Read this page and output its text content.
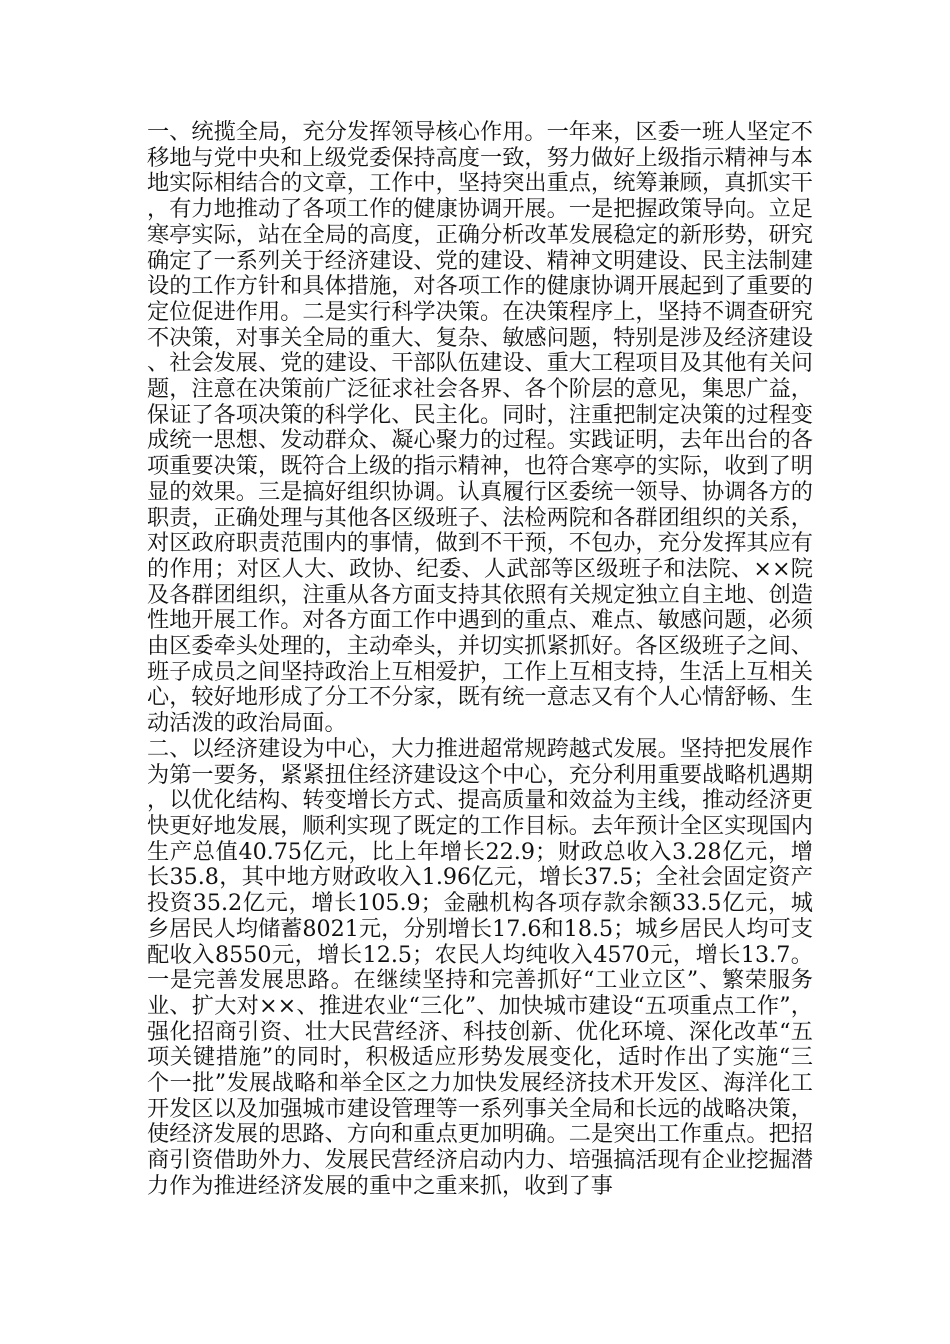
一、统揽全局，充分发挥领导核心作用。一年来，区委一班人坚定不移地与党中央和上级党委保持高度一致，努力做好上级指示精神与本地实际相结合的文章，工作中，坚持突出重点，统筹兼顾，真抓实干，有力地推动了各项工作的健康协调开展。一是把握政策导向。立足寒亭实际，站在全局的高度，正确分析改革发展稳定的新形势，研究确定了一系列关于经济建设、党的建设、精神文明建设、民主法制建设的工作方针和具体措施，对各项工作的健康协调开展起到了重要的定位促进作用。二是实行科学决策。在决策程序上，坚持不调查研究不决策，对事关全局的重大、复杂、敏感问题，特别是涉及经济建设、社会发展、党的建设、干部队伍建设、重大工程项目及其他有关问题，注意在决策前广泛征求社会各界、各个阶层的意见，集思广益，保证了各项决策的科学化、民主化。同时，注重把制定决策的过程变成统一思想、发动群众、凝心聚力的过程。实践证明，去年出台的各项重要决策，既符合上级的指示精神，也符合寒亭的实际，收到了明显的效果。三是搞好组织协调。认真履行区委统一领导、协调各方的职责，正确处理与其他各区级班子、法检两院和各群团组织的关系，对区政府职责范围内的事情，做到不干预，不包办，充分发挥其应有的作用；对区人大、政协、纪委、人武部等区级班子和法院、××院及各群团组织，注重从各方面支持其依照有关规定独立自主地、创造性地开展工作。对各方面工作中遇到的重点、难点、敏感问题，必须由区委牵头处理的，主动牵头，并切实抓紧抓好。各区级班子之间、班子成员之间坚持政治上互相爱护，工作上互相支持，生活上互相关心，较好地形成了分工不分家，既有统一意志又有个人心情舒畅、生动活泼的政治局面。

二、以经济建设为中心，大力推进超常规跨越式发展。坚持把发展作为第一要务，紧紧扭住经济建设这个中心，充分利用重要战略机遇期，以优化结构、转变增长方式、提高质量和效益为主线，推动经济更快更好地发展，顺利实现了既定的工作目标。去年预计全区实现国内生产总值40.75亿元，比上年增长22.9；财政总收入3.28亿元，增长35.8，其中地方财政收入1.96亿元，增长37.5；全社会固定资产投资35.2亿元，增长105.9；金融机构各项存款余额33.5亿元，城乡居民人均储蓄8021元，分别增长17.6和18.5；城乡居民人均可支配收入8550元，增长12.5；农民人均纯收入4570元，增长13.7。一是完善发展思路。在继续坚持和完善抓好“工业立区”、繁荣服务业、扩大对××、推进农业“三化”、加快城市建设“五项重点工作”，强化招商引资、壮大民营经济、科技创新、优化环境、深化改革“五项关键措施”的同时，积极适应形势发展变化，适时作出了实施“三个一批”发展战略和举全区之力加快发展经济技术开发区、海洋化工开发区以及加强城市建设管理等一系列事关全局和长远的战略决策，使经济发展的思路、方向和重点更加明确。二是突出工作重点。把招商引资借助外力、发展民营经济启动内力、培强搞活现有企业挖掘潜力作为推进经济发展的重中之重来抓，收到了事
